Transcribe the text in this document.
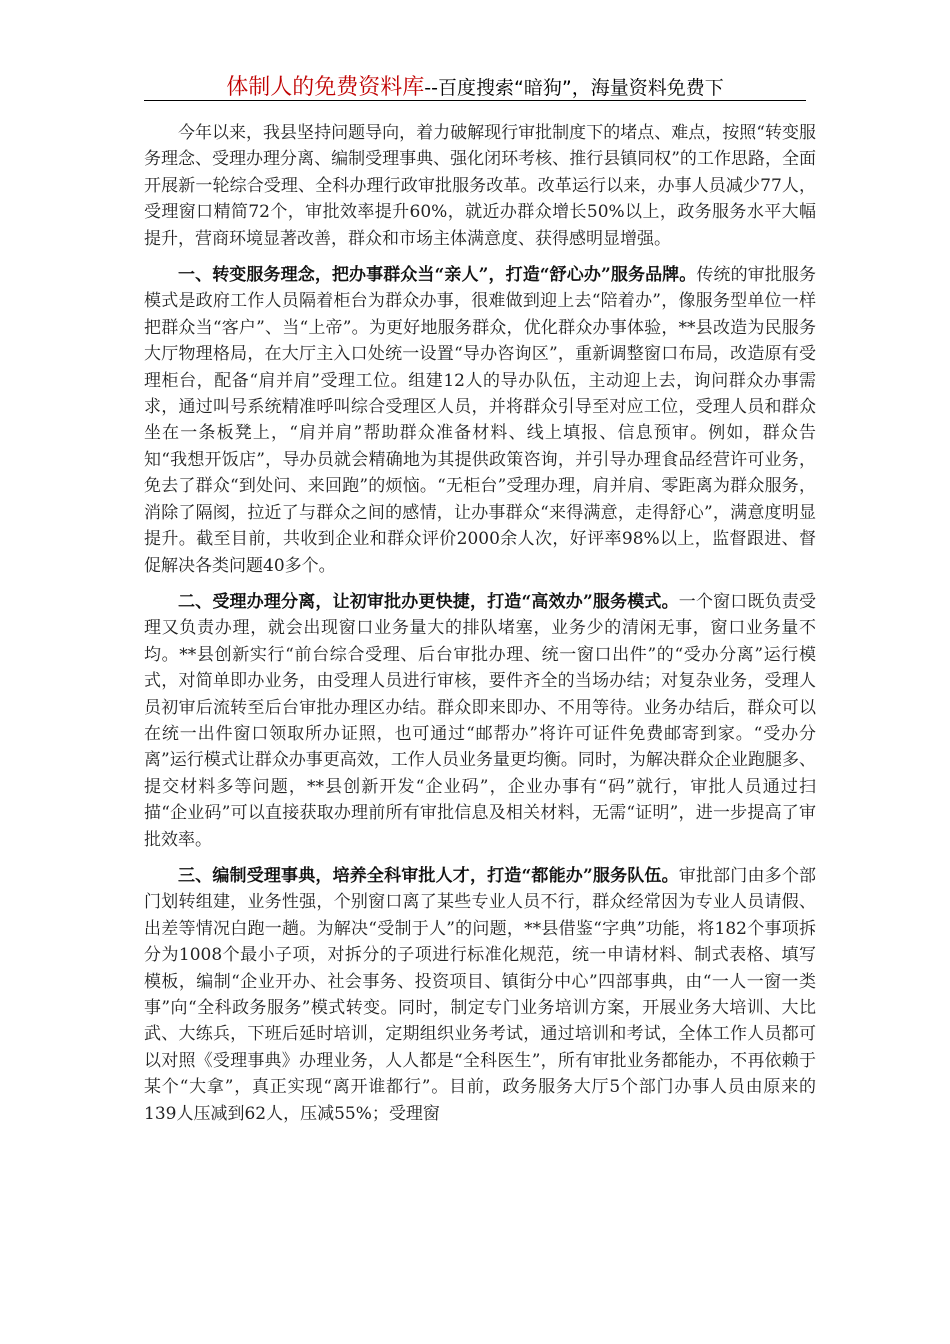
体制人的免费资料库--百度搜索“暗狗”，海量资料免费下

今年以来，我县坚持问题导向，着力破解现行审批制度下的堵点、难点，按照“转变服务理念、受理办理分离、编制受理事典、强化闭环考核、推行县镇同权”的工作思路，全面开展新一轮综合受理、全科办理行政审批服务改革。改革运行以来，办事人员减少77人，受理窗口精简72个，审批效率提升60%，就近办群众增长50%以上，政务服务水平大幅提升，营商环境显著改善，群众和市场主体满意度、获得感明显增强。

一、转变服务理念，把办事群众当“亲人”，打造“舒心办”服务品牌。传统的审批服务模式是政府工作人员隔着柜台为群众办事，很难做到迎上去“陪着办”，像服务型单位一样把群众当“客户”、当“上帝”。为更好地服务群众，优化群众办事体验，**县改造为民服务大厅物理格局，在大厅主入口处统一设置“导办咨询区”，重新调整窗口布局，改造原有受理柜台，配备“肩并肩”受理工位。组建12人的导办队伍，主动迎上去，询问群众办事需求，通过叫号系统精准呼叫综合受理区人员，并将群众引导至对应工位，受理人员和群众坐在一条板凳上，“肩并肩”帮助群众准备材料、线上填报、信息预审。例如，群众告知“我想开饭店”，导办员就会精确地为其提供政策咨询，并引导办理食品经营许可业务，免去了群众“到处问、来回跑”的烦恼。“无柜台”受理办理，肩并肩、零距离为群众服务，消除了隔阂，拉近了与群众之间的感情，让办事群众“来得满意，走得舒心”，满意度明显提升。截至目前，共收到企业和群众评价2000余人次，好评率98%以上，监督跟进、督促解决各类问题40多个。

二、受理办理分离，让初审批办更快捷，打造“高效办”服务模式。一个窗口既负责受理又负责办理，就会出现窗口业务量大的排队堵塞，业务少的清闲无事，窗口业务量不均。**县创新实行“前台综合受理、后台审批办理、统一窗口出件”的“受办分离”运行模式，对简单即办业务，由受理人员进行审核，要件齐全的当场办结；对复杂业务，受理人员初审后流转至后台审批办理区办结。群众即来即办、不用等待。业务办结后，群众可以在统一出件窗口领取所办证照，也可通过“邮帮办”将许可证件免费邮寄到家。“受办分离”运行模式让群众办事更高效，工作人员业务量更均衡。同时，为解决群众企业跑腿多、提交材料多等问题，**县创新开发“企业码”，企业办事有“码”就行，审批人员通过扫描“企业码”可以直接获取办理前所有审批信息及相关材料，无需“证明”，进一步提高了审批效率。

三、编制受理事典，培养全科审批人才，打造“都能办”服务队伍。审批部门由多个部门划转组建，业务性强，个别窗口离了某些专业人员不行，群众经常因为专业人员请假、出差等情况白跑一趟。为解决“受制于人”的问题，**县借鉴“字典”功能，将182个事项拆分为1008个最小子项，对拆分的子项进行标准化规范，统一申请材料、制式表格、填写模板，编制“企业开办、社会事务、投资项目、镇街分中心”四部事典，由“一人一窗一类事”向“全科政务服务”模式转变。同时，制定专门业务培训方案，开展业务大培训、大比武、大练兵，下班后延时培训，定期组织业务考试，通过培训和考试，全体工作人员都可以对照《受理事典》办理业务，人人都是“全科医生”，所有审批业务都能办，不再依赖于某个“大拿”，真正实现“离开谁都行”。目前，政务服务大厅5个部门办事人员由原来的139人压减到62人，压减55%；受理窗
